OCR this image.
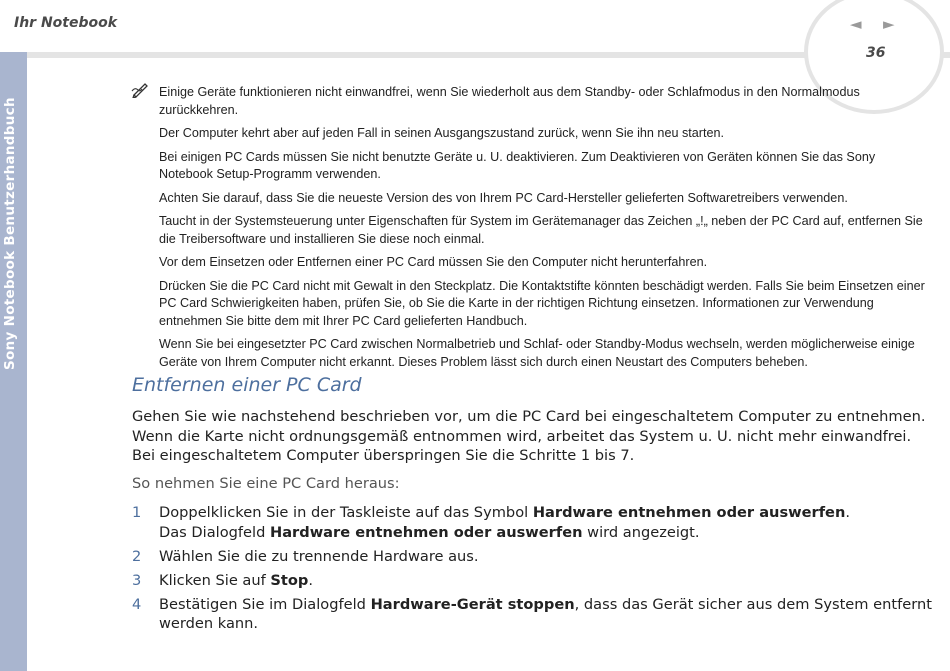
Ihr Notebook	◄ ►
36
Sony Notebook Benutzerhandbuch

Einige Geräte funktionieren nicht einwandfrei, wenn Sie wiederholt aus dem Standby- oder Schlafmodus in den Normalmodus zurückkehren.

Der Computer kehrt aber auf jeden Fall in seinen Ausgangszustand zurück, wenn Sie ihn neu starten.

Bei einigen PC Cards müssen Sie nicht benutzte Geräte u. U. deaktivieren. Zum Deaktivieren von Geräten können Sie das Sony Notebook Setup-Programm verwenden.

Achten Sie darauf, dass Sie die neueste Version des von Ihrem PC Card-Hersteller gelieferten Softwaretreibers verwenden.

Taucht in der Systemsteuerung unter Eigenschaften für System im Gerätemanager das Zeichen „!„ neben der PC Card auf, entfernen Sie die Treibersoftware und installieren Sie diese noch einmal.

Vor dem Einsetzen oder Entfernen einer PC Card müssen Sie den Computer nicht herunterfahren.

Drücken Sie die PC Card nicht mit Gewalt in den Steckplatz. Die Kontaktstifte könnten beschädigt werden. Falls Sie beim Einsetzen einer PC Card Schwierigkeiten haben, prüfen Sie, ob Sie die Karte in der richtigen Richtung einsetzen. Informationen zur Verwendung entnehmen Sie bitte dem mit Ihrer PC Card gelieferten Handbuch.

Wenn Sie bei eingesetzter PC Card zwischen Normalbetrieb und Schlaf- oder Standby-Modus wechseln, werden möglicherweise einige Geräte von Ihrem Computer nicht erkannt. Dieses Problem lässt sich durch einen Neustart des Computers beheben.

Entfernen einer PC Card

Gehen Sie wie nachstehend beschrieben vor, um die PC Card bei eingeschaltetem Computer zu entnehmen. Wenn die Karte nicht ordnungsgemäß entnommen wird, arbeitet das System u. U. nicht mehr einwandfrei. Bei eingeschaltetem Computer überspringen Sie die Schritte 1 bis 7.

So nehmen Sie eine PC Card heraus:

1 Doppelklicken Sie in der Taskleiste auf das Symbol Hardware entnehmen oder auswerfen.
Das Dialogfeld Hardware entnehmen oder auswerfen wird angezeigt.
2 Wählen Sie die zu trennende Hardware aus.
3 Klicken Sie auf Stop.
4 Bestätigen Sie im Dialogfeld Hardware-Gerät stoppen, dass das Gerät sicher aus dem System entfernt werden kann.
